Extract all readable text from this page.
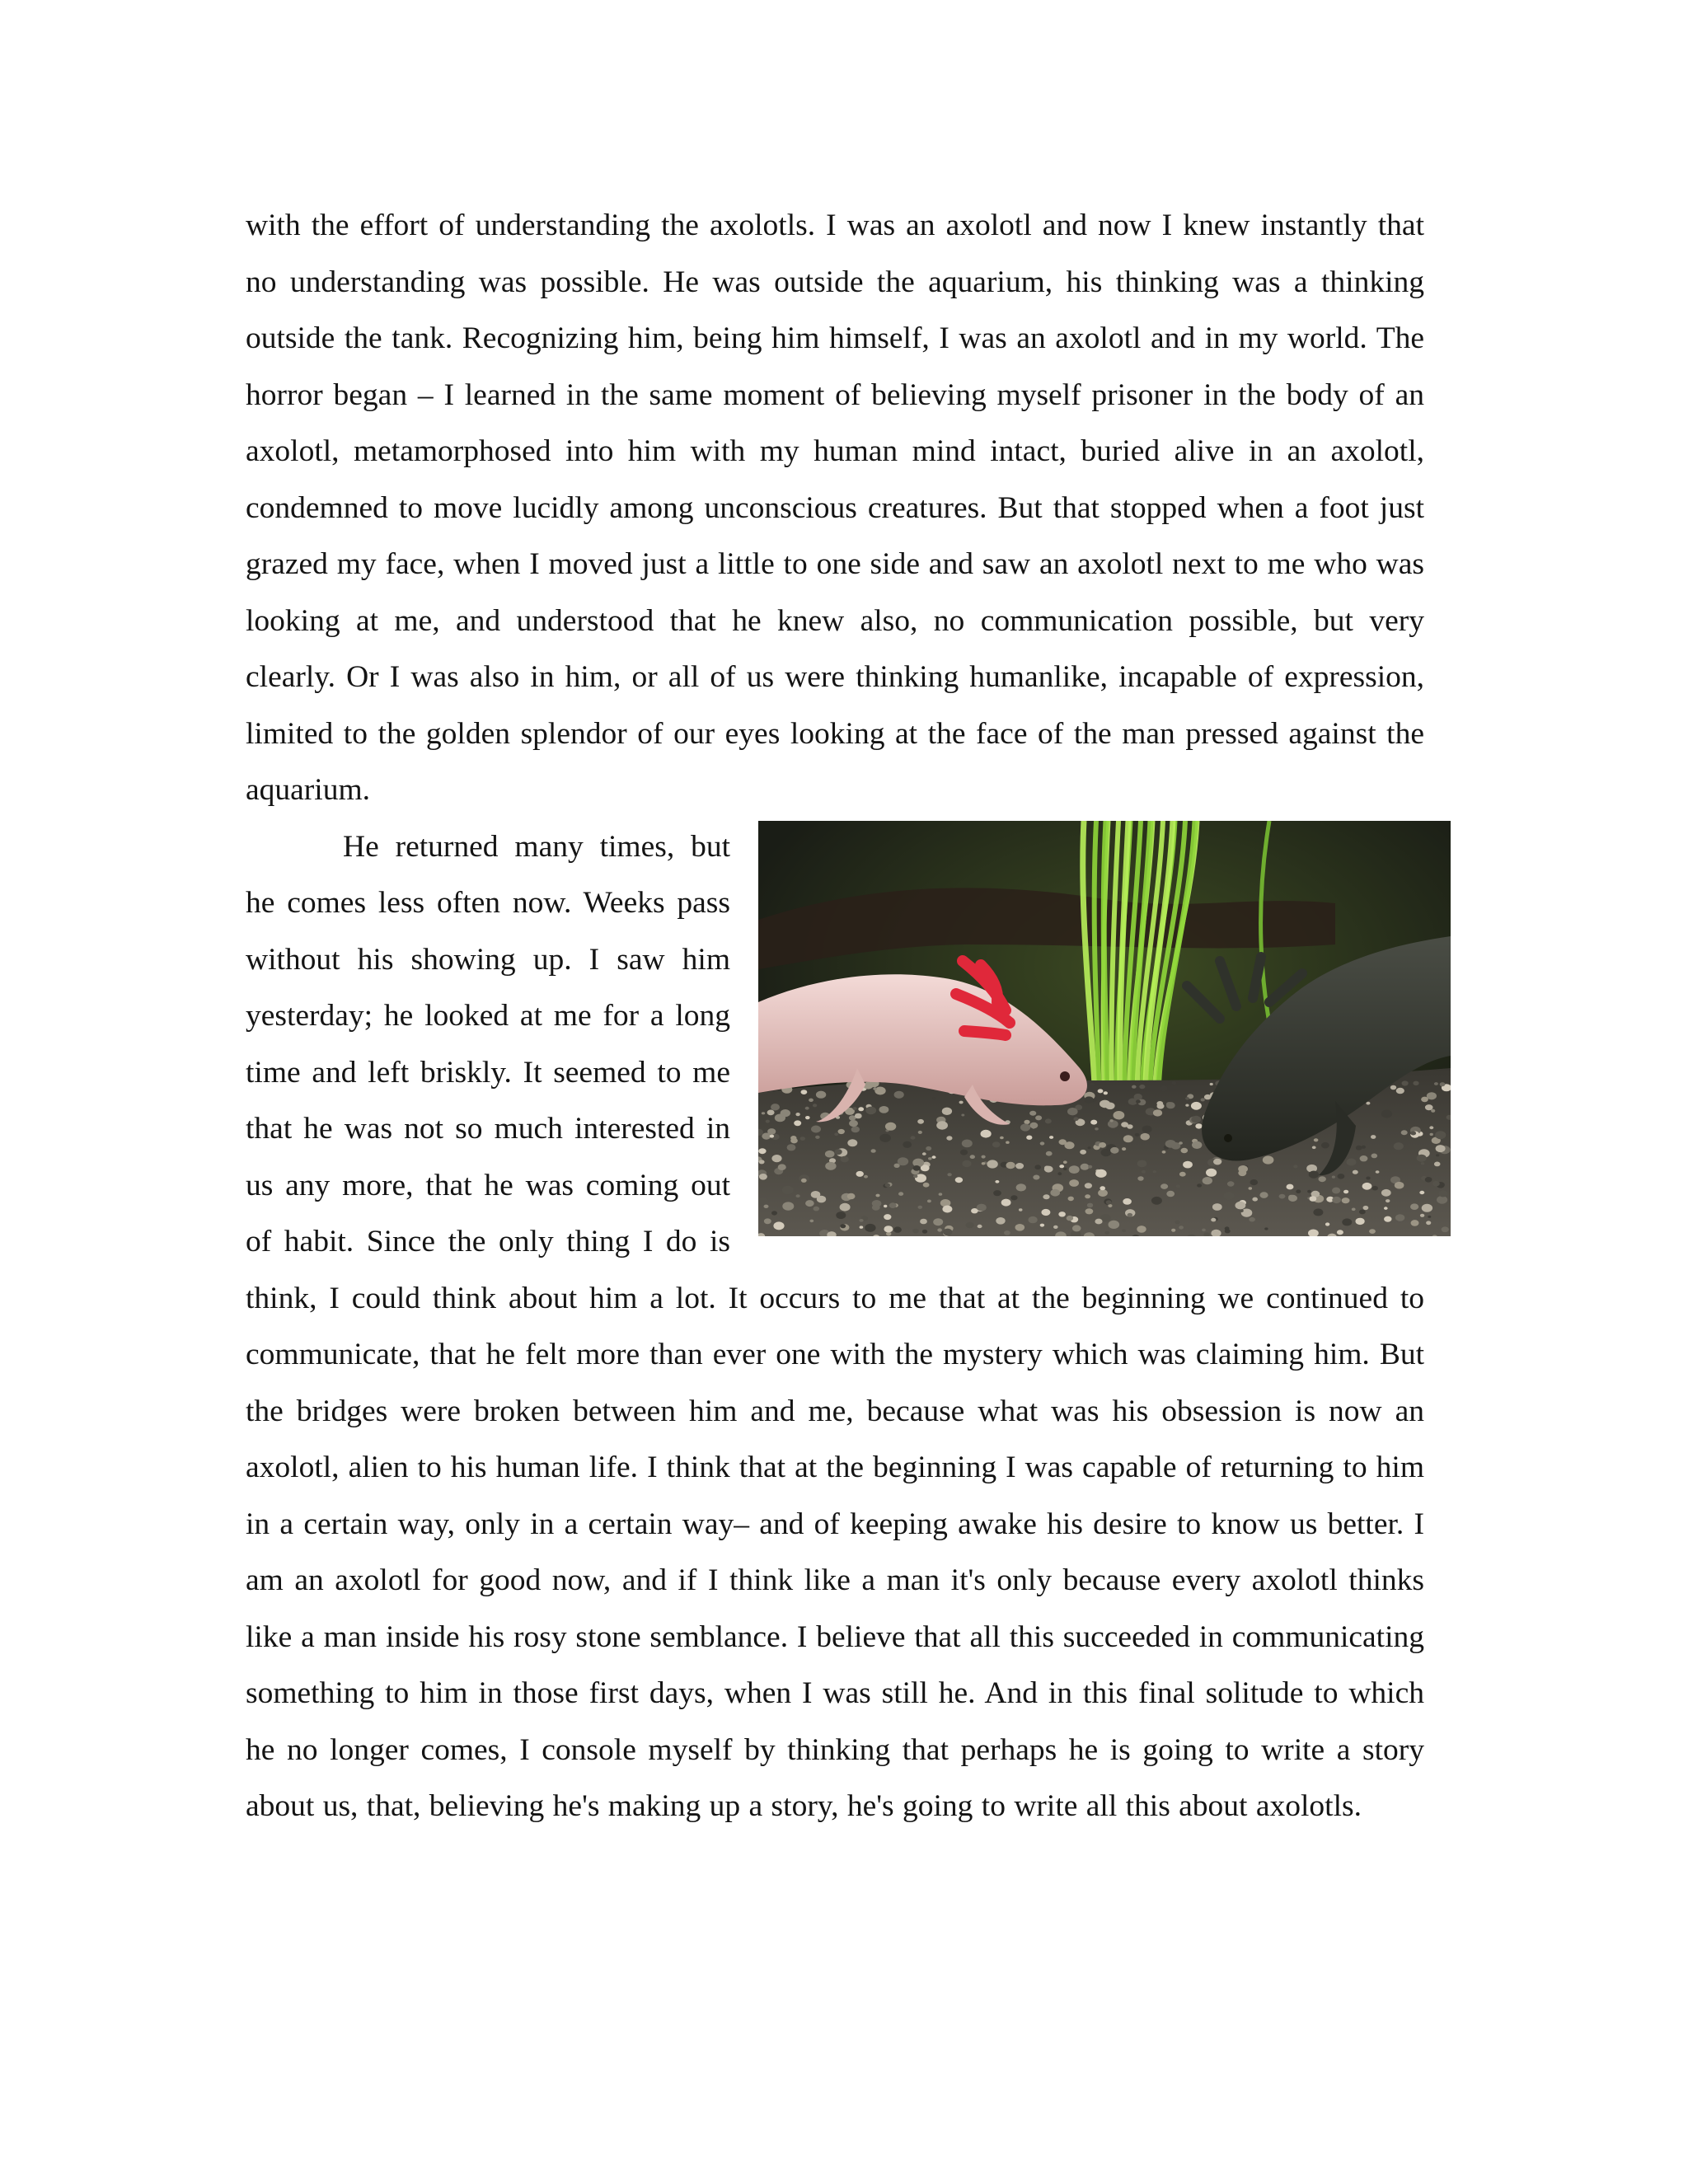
with the effort of understanding the axolotls. I was an axolotl and now I knew instantly that no understanding was possible. He was outside the aquarium, his thinking was a thinking outside the tank. Recognizing him, being him himself, I was an axolotl and in my world. The horror began – I learned in the same moment of believing myself prisoner in the body of an axolotl, metamorphosed into him with my human mind intact, buried alive in an axolotl, condemned to move lucidly among unconscious creatures. But that stopped when a foot just grazed my face, when I moved just a little to one side and saw an axolotl next to me who was looking at me, and understood that he knew also, no communication possible, but very clearly. Or I was also in him, or all of us were thinking humanlike, incapable of expression, limited to the golden splendor of our eyes looking at the face of the man pressed against the aquarium.

He returned many times, but he comes less often now. Weeks pass without his showing up. I saw him yesterday; he looked at me for a long time and left briskly. It seemed to me that he was not so much interested in us any more, that he was coming out of habit. Since the only thing I do is think, I could think about him a lot. It occurs to me that at the beginning we continued to communicate, that he felt more than ever one with the mystery which was claiming him. But the bridges were broken between him and me, because what was his obsession is now an axolotl, alien to his human life. I think that at the beginning I was capable of returning to him in a certain way, only in a certain way– and of keeping awake his desire to know us better. I am an axolotl for good now, and if I think like a man it's only because every axolotl thinks like a man inside his rosy stone semblance. I believe that all this succeeded in communicating something to him in those first days, when I was still he. And in this final solitude to which he no longer comes, I console myself by thinking that perhaps he is going to write a story about us, that, believing he's making up a story, he's going to write all this about axolotls.
